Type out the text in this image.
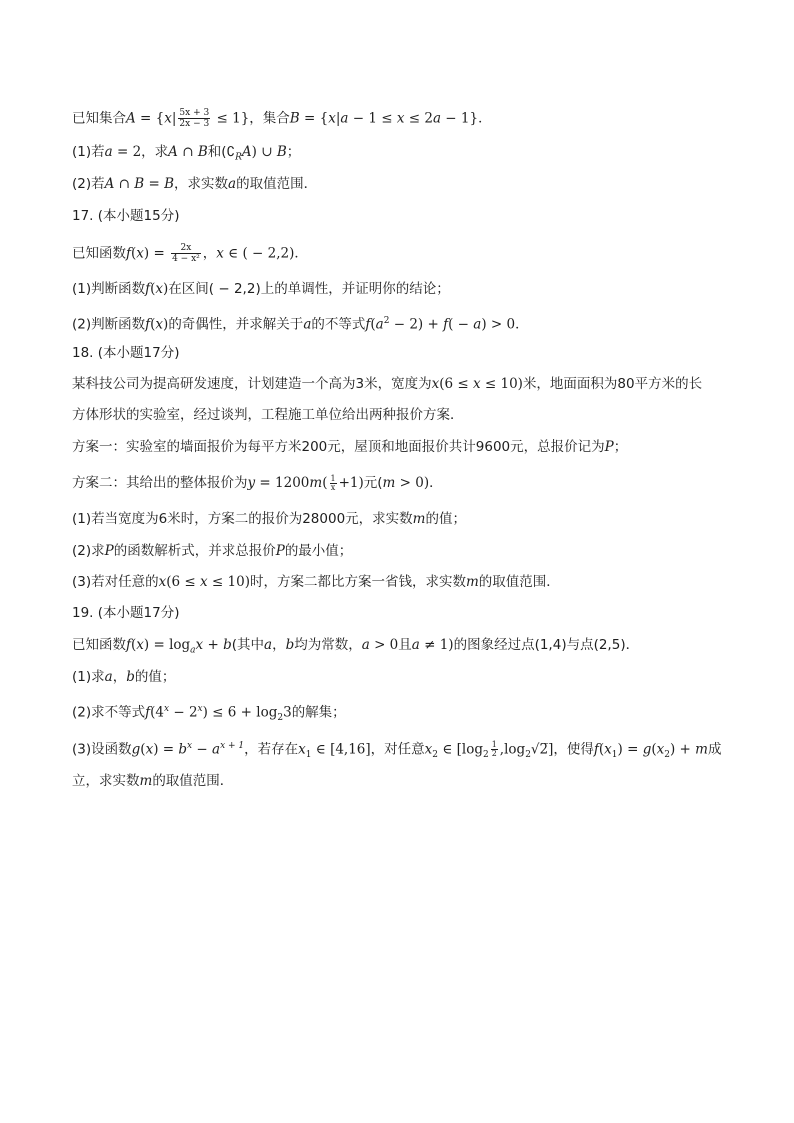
已知集合$A = \{x| \frac{5x + 3}{2x - 3} \le 1\}$，集合B = {x|a − 1 ≤ x ≤ 2a − 1}．
(1)若a = 2，求A ∩ B和$(∁_RA)$ ∪ B；
(2)若A ∩ B = B，求实数a的取值范围．
17. (本小题15分)
已知函数$f(x) = \frac{2x}{\text{4 − x²}}$ ，x ∈ ( − 2,2)．
(1)判断函数f(x)在区间( − 2,2)上的单调性，并证明你的结论；
(2)判断函数f(x)的奇偶性，并求解关于a的不等式$f(a^2 - 2) + f( - a) > 0$．
18. (本小题17分)
某科技公司为提高研发速度，计划建造一个高为3米，宽度为x(6 ≤ x ≤ 10)米，地面面积为80平方米的长
方体形状的实验室，经过谈判，工程施工单位给出两种报价方案．
方案一：实验室的墙面报价为每平方米200元，屋顶和地面报价共计9600元，总报价记为P；
方案二：其给出的整体报价为$y = 1200m( \frac{1}{x} +1)$元(m > 0)．
(1)若当宽度为6米时，方案二的报价为28000元，求实数m的值；
(2)求P的函数解析式，并求总报价P的最小值；
(3)若对任意的x(6 ≤ x ≤ 10)时，方案二都比方案一省钱，求实数m的取值范围．
19. (本小题17分)
已知函数$f(x) = \log_ax + b$(其中a，b均为常数，a > 0且a ≠ 1)的图象经过点(1,4)与点(2,5)．
(1)求a，b的值；
(2)求不等式$f(4^x - 2^x) \le 6 + \log_23$的解集；
(3)设函数$g(x) = b^x - a^{x + 1}$，若存在$x_1$ ∈ [4,16]，对任意$x_2$ ∈ [$\log_2 \frac{1}{2}$ $,\log_2√2̅$]，使得$f(x_1) = g(x_2) + m$成
立，求实数m的取值范围．
